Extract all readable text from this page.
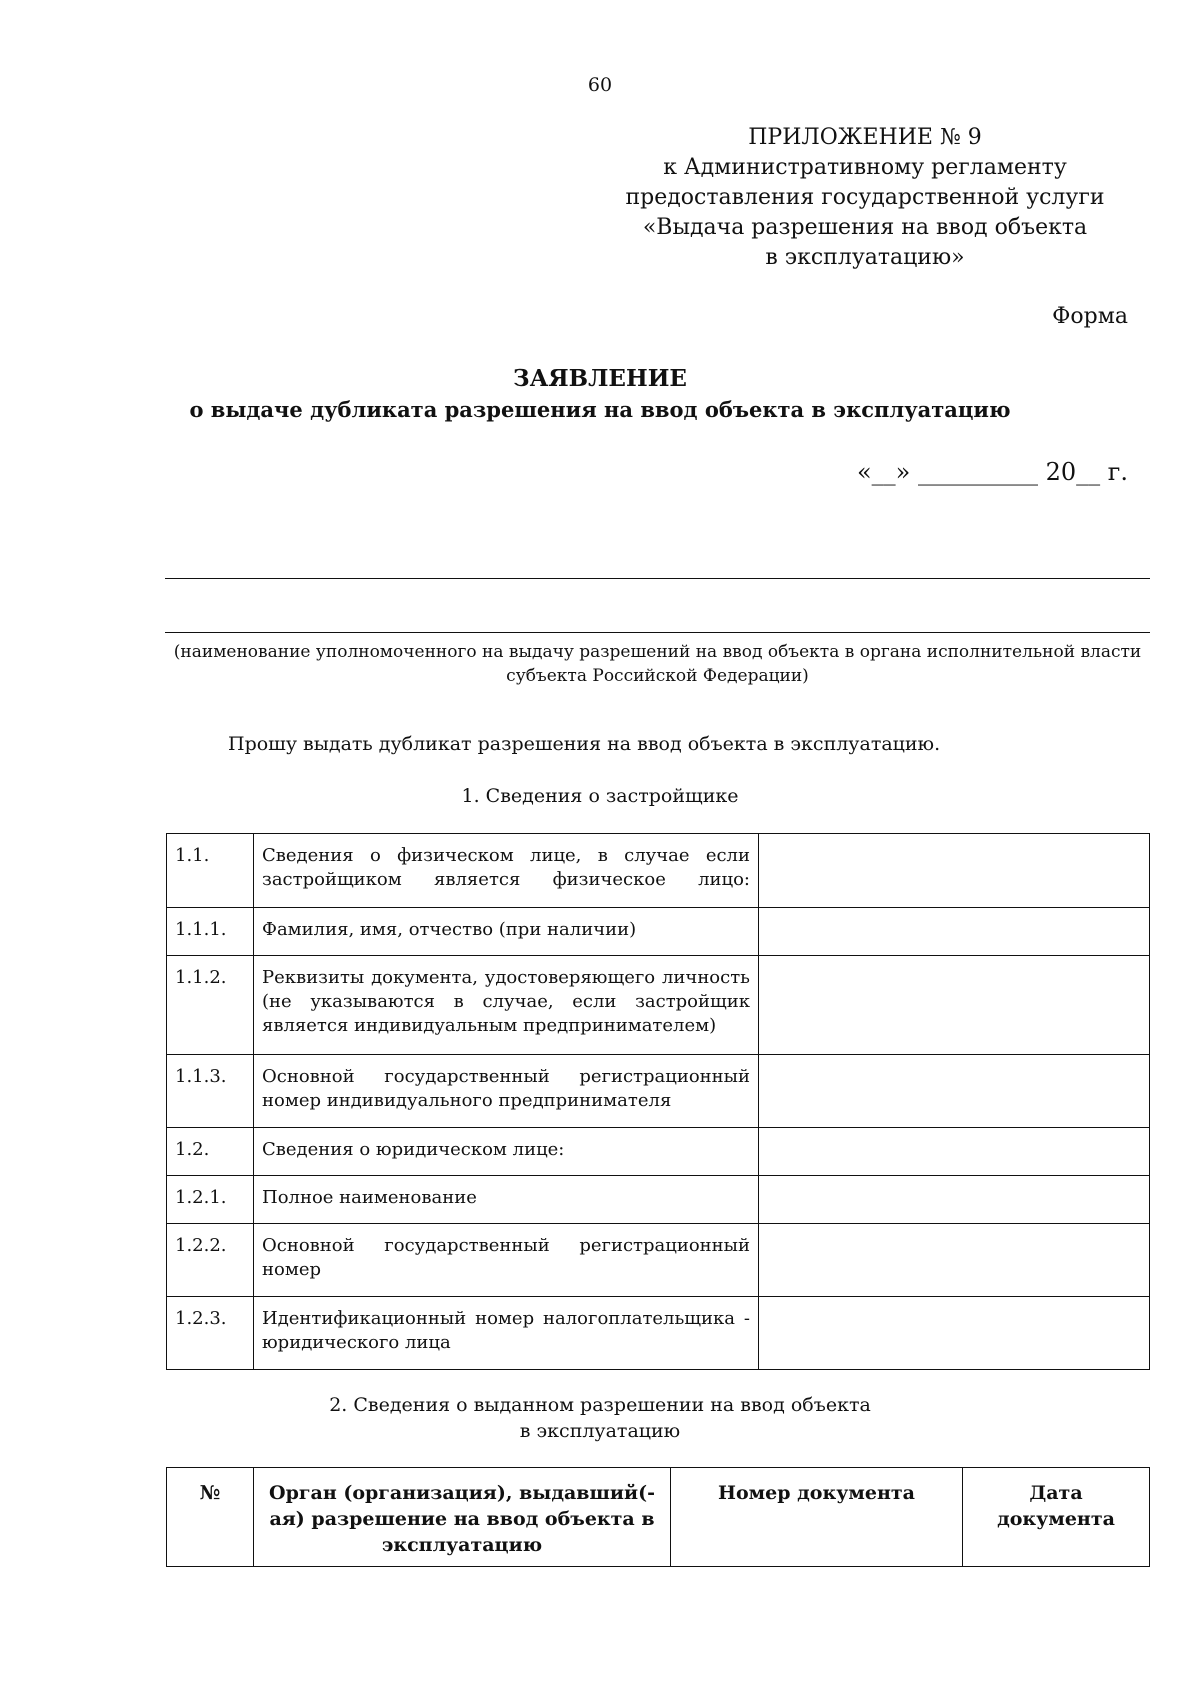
60
ПРИЛОЖЕНИЕ № 9
к Административному регламенту
предоставления государственной услуги
«Выдача разрешения на ввод объекта
в эксплуатацию»
Форма
ЗАЯВЛЕНИЕ
о выдаче дубликата разрешения на ввод объекта в эксплуатацию
«__» __________ 20__ г.
(наименование уполномоченного на выдачу разрешений на ввод объекта в органа исполнительной власти
субъекта Российской Федерации)
Прошу выдать дубликат разрешения на ввод объекта в эксплуатацию.
1. Сведения о застройщике
1.1.	Сведения о физическом лице, в случае если застройщиком является физическое лицо:	
1.1.1.	Фамилия, имя, отчество (при наличии)	
1.1.2.	Реквизиты документа, удостоверяющего личность (не указываются в случае, если застройщик является индивидуальным предпринимателем)	
1.1.3.	Основной государственный регистрационный номер индивидуального предпринимателя	
1.2.	Сведения о юридическом лице:	
1.2.1.	Полное наименование	
1.2.2.	Основной государственный регистрационный номер	
1.2.3.	Идентификационный номер налогоплательщика - юридического лица	
2. Сведения о выданном разрешении на ввод объекта
в эксплуатацию
№	Орган (организация), выдавший(-ая) разрешение на ввод объекта в эксплуатацию	Номер документа	Дата документа
